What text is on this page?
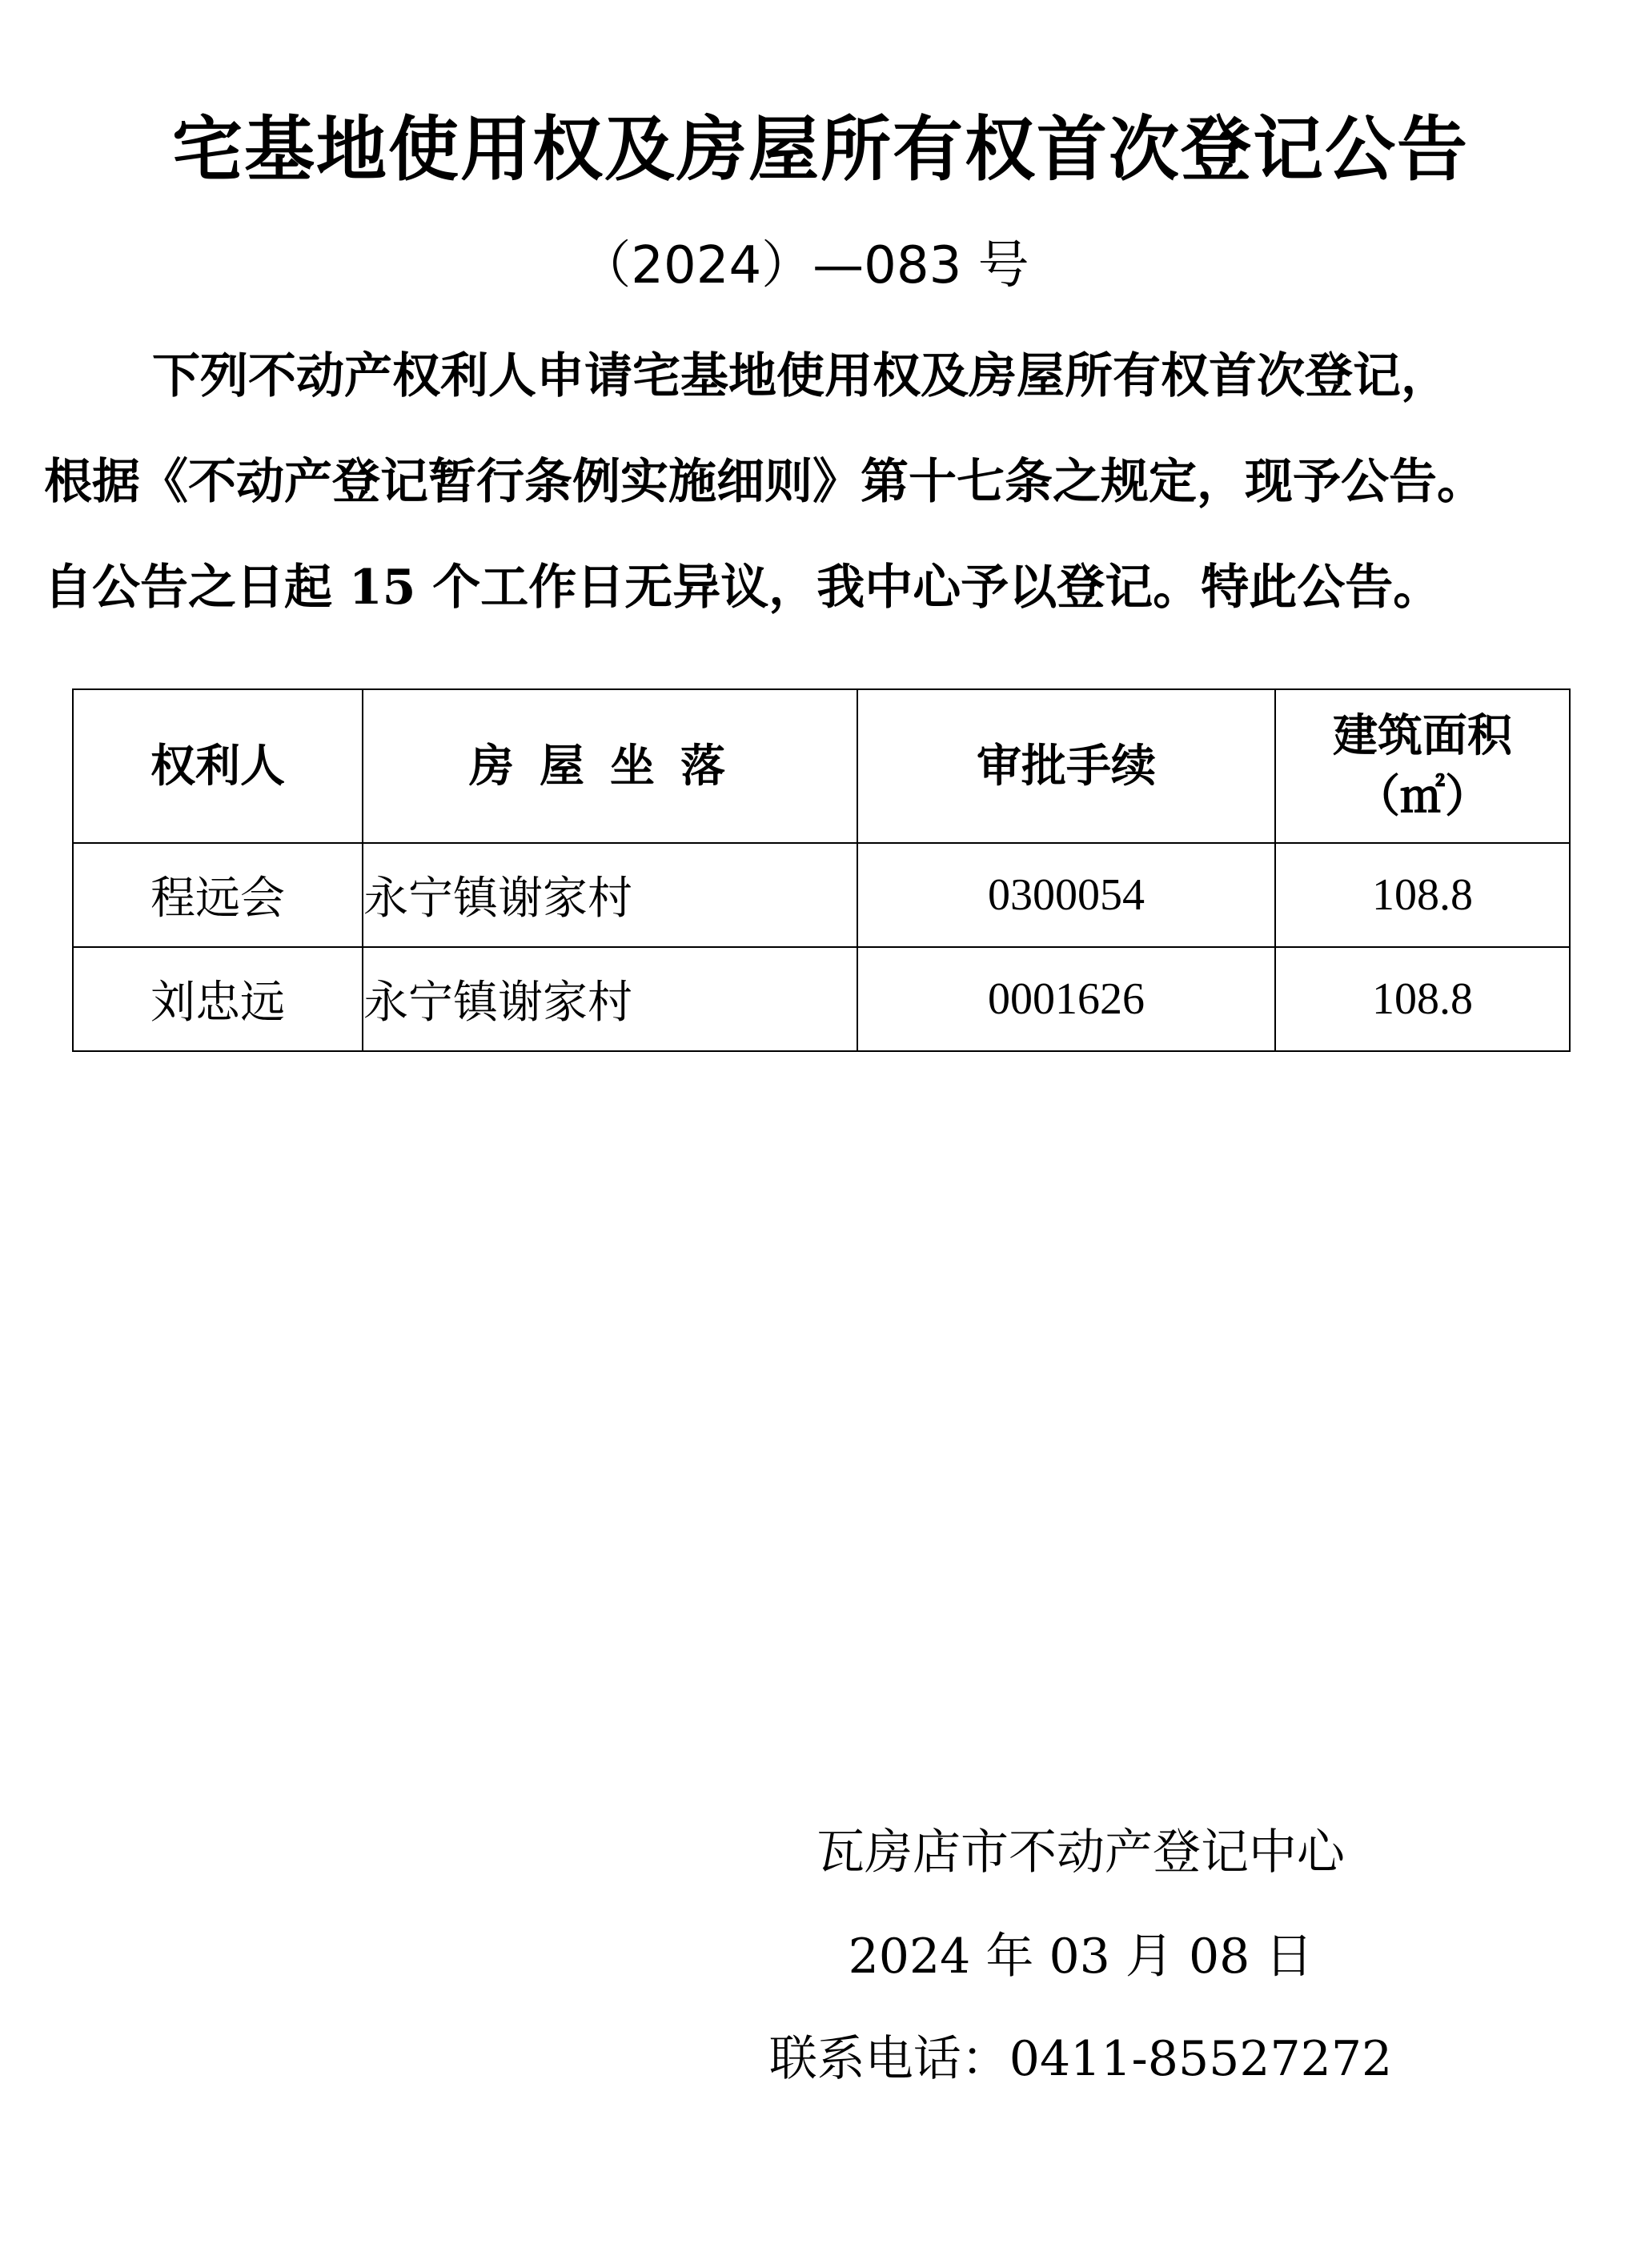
宅基地使用权及房屋所有权首次登记公告
（2024）—083 号
下列不动产权利人申请宅基地使用权及房屋所有权首次登记，
根据《不动产登记暂行条例实施细则》第十七条之规定，现予公告。
自公告之日起 15 个工作日无异议，我中心予以登记。特此公告。
权利人	房屋坐落	审批手续	建筑面积
（㎡）

程远会	永宁镇谢家村	0300054	108.8
刘忠远	永宁镇谢家村	0001626	108.8
瓦房店市不动产登记中心
2024 年 03 月 08 日
联系电话：0411-85527272
